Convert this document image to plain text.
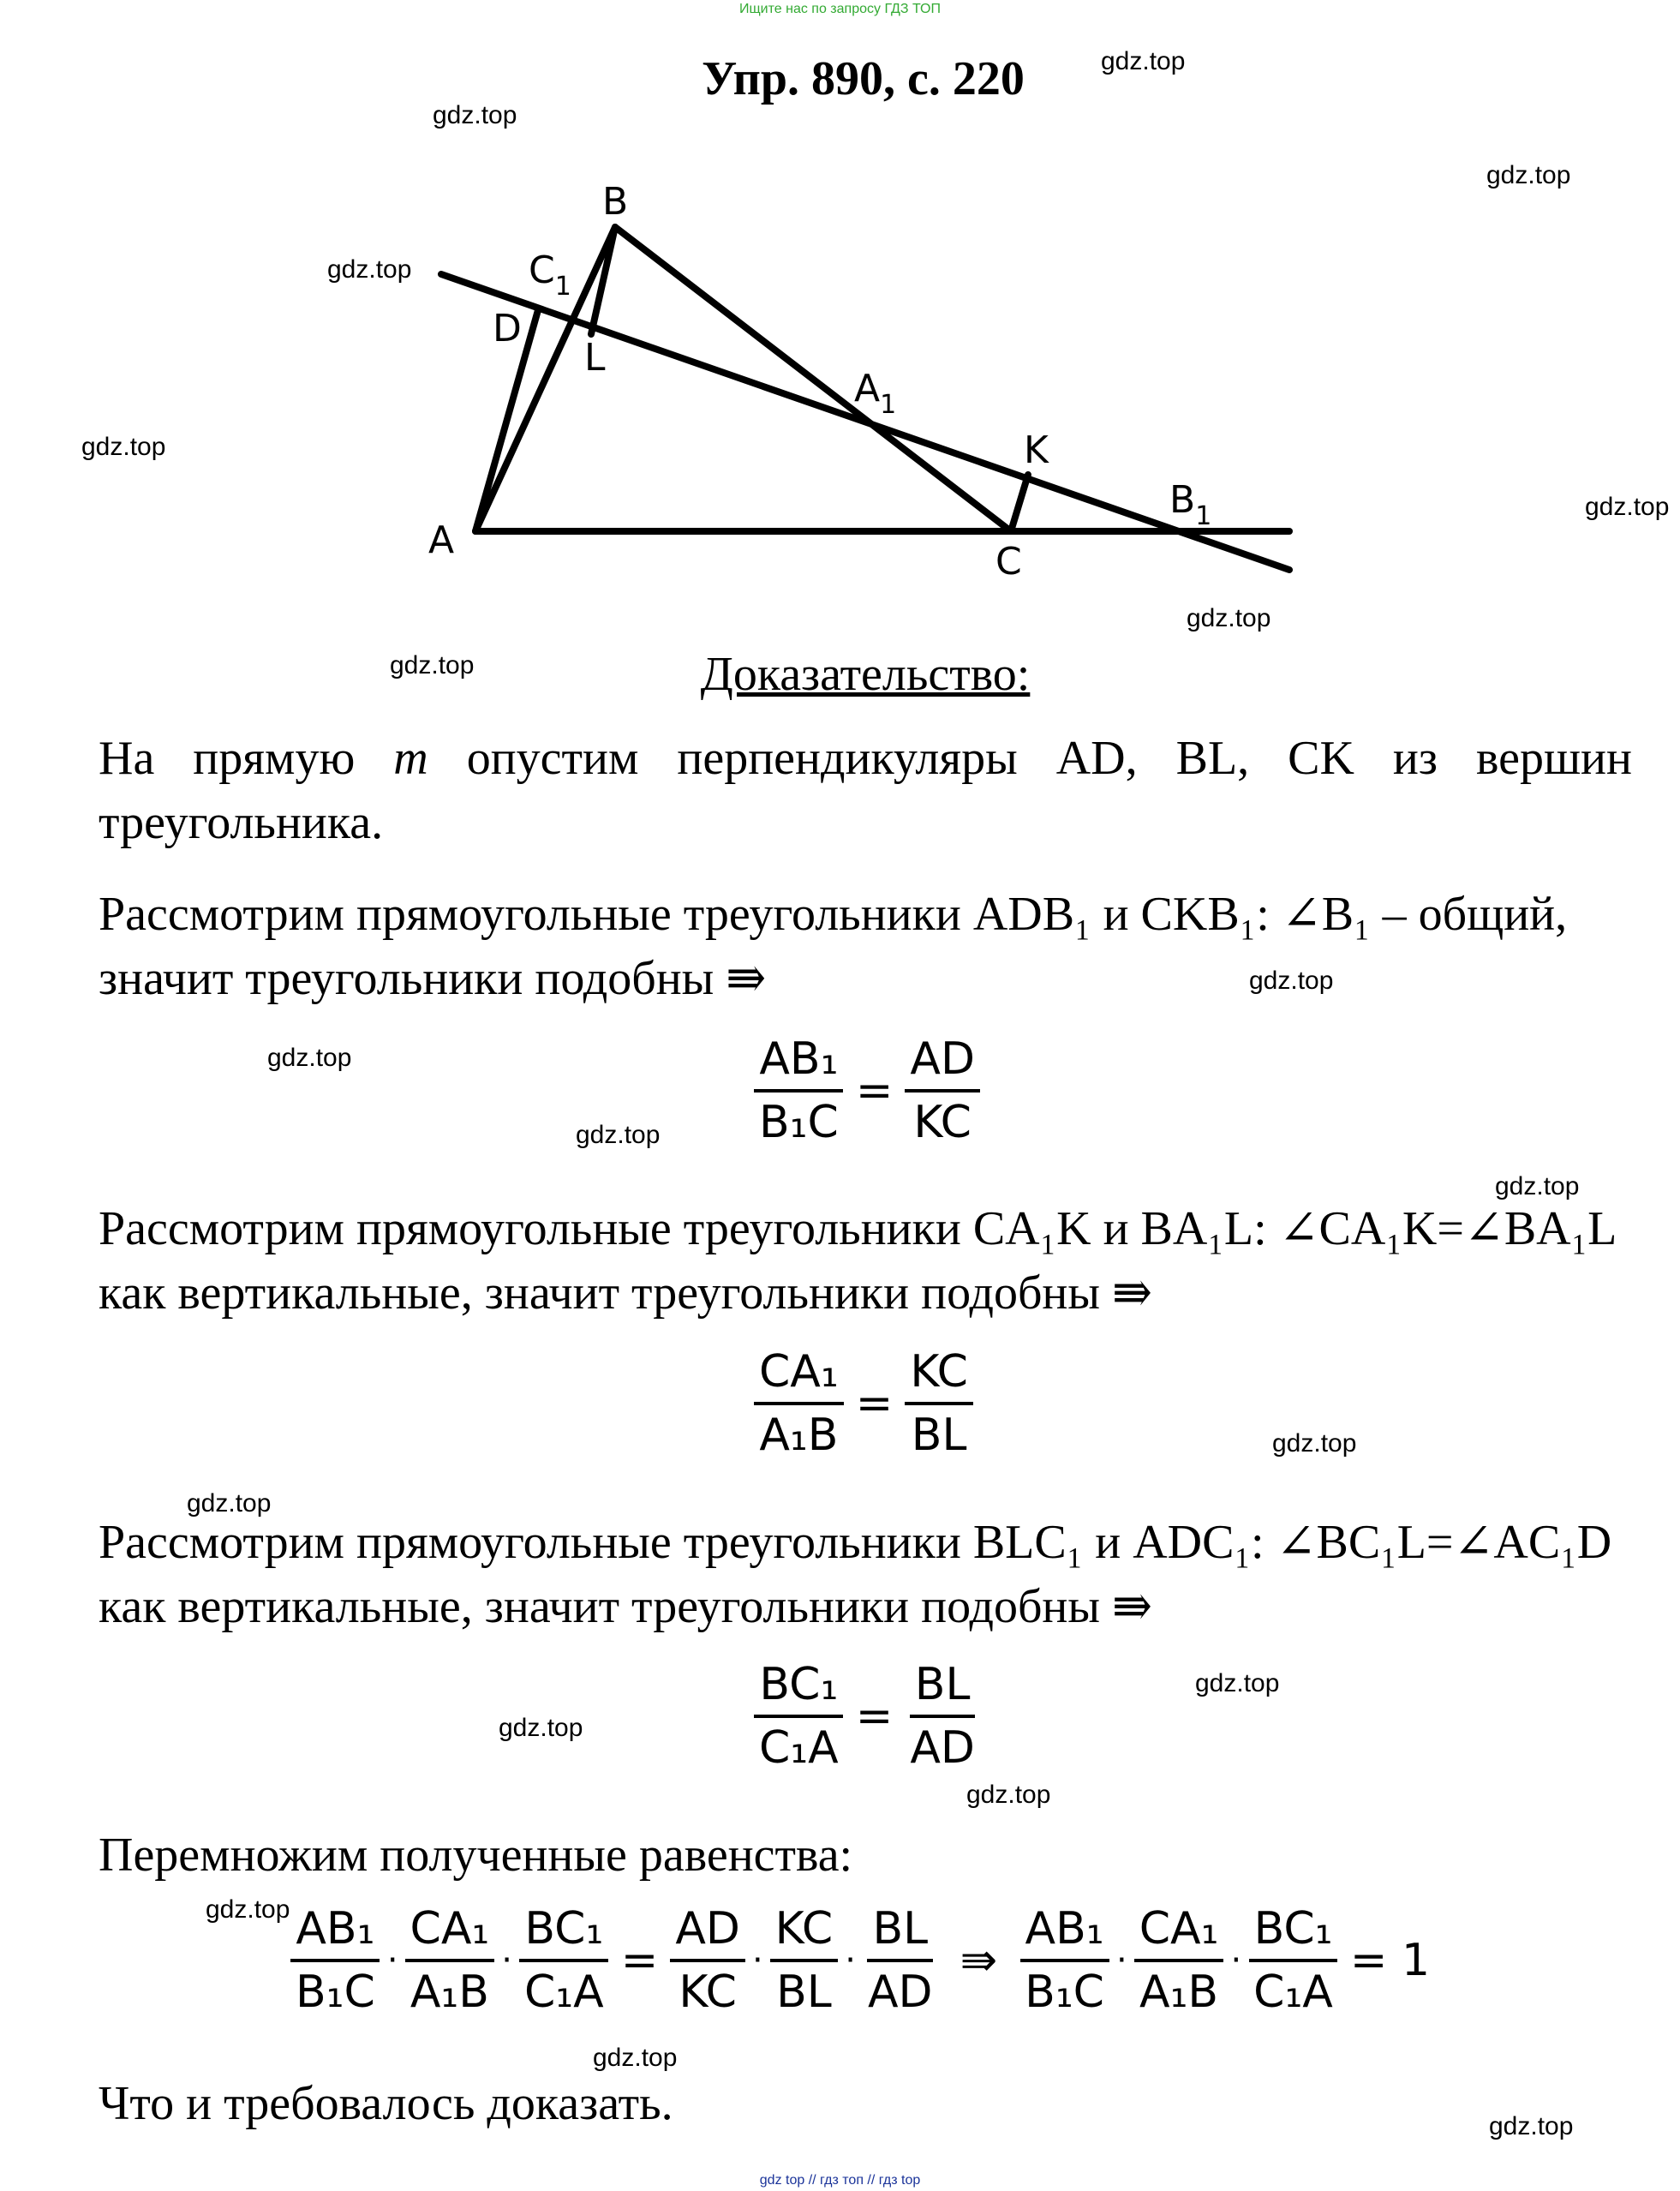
Ищите нас по запросу ГДЗ ТОП
Упр. 890, с. 220	gdz.top
gdz.top
gdz.top
gdz.top
gdz.top
gdz.top
gdz.top
gdz.top
gdz.top
gdz.top
gdz.top
gdz.top
gdz.top
gdz.top
gdz.top
gdz.top
gdz.top
gdz.top
gdz.top
gdz.top
B
$C_1$
D
L
$A_1$
K
$B_1$
A	C
Доказательство:
На прямую m опустим перпендикуляры AD, BL, CK из вершин треугольника.
Рассмотрим прямоугольные треугольники ADB₁ и CKB₁: ∠B₁ – общий, значит треугольники подобны ⇛
$\frac{\text{AB₁}}{\text{B₁C}} = \frac{AD}{KC}$
Рассмотрим прямоугольные треугольники CA₁K и BA₁L: ∠CA₁K=∠BA₁L как вертикальные, значит треугольники подобны ⇛
$\frac{\text{CA₁}}{\text{A₁B}} = \frac{KC}{BL}$
Рассмотрим прямоугольные треугольники BLC₁ и ADC₁: ∠BC₁L=∠AC₁D как вертикальные, значит треугольники подобны ⇛
$\frac{\text{BC₁}}{\text{C₁A}} = \frac{BL}{AD}$
Перемножим полученные равенства:
$\frac{\text{AB₁}}{\text{B₁C}} \cdot \frac{\text{CA₁}}{\text{A₁B}} \cdot \frac{\text{BC₁}}{\text{C₁A}} = \frac{AD}{KC} \cdot \frac{KC}{BL} \cdot \frac{BL}{AD}$ ⇛ $\frac{\text{AB₁}}{\text{B₁C}} \cdot \frac{\text{CA₁}}{\text{A₁B}} \cdot \frac{\text{BC₁}}{\text{C₁A}} = 1$
Что и требовалось доказать.
gdz top // гдз топ // гдз top
